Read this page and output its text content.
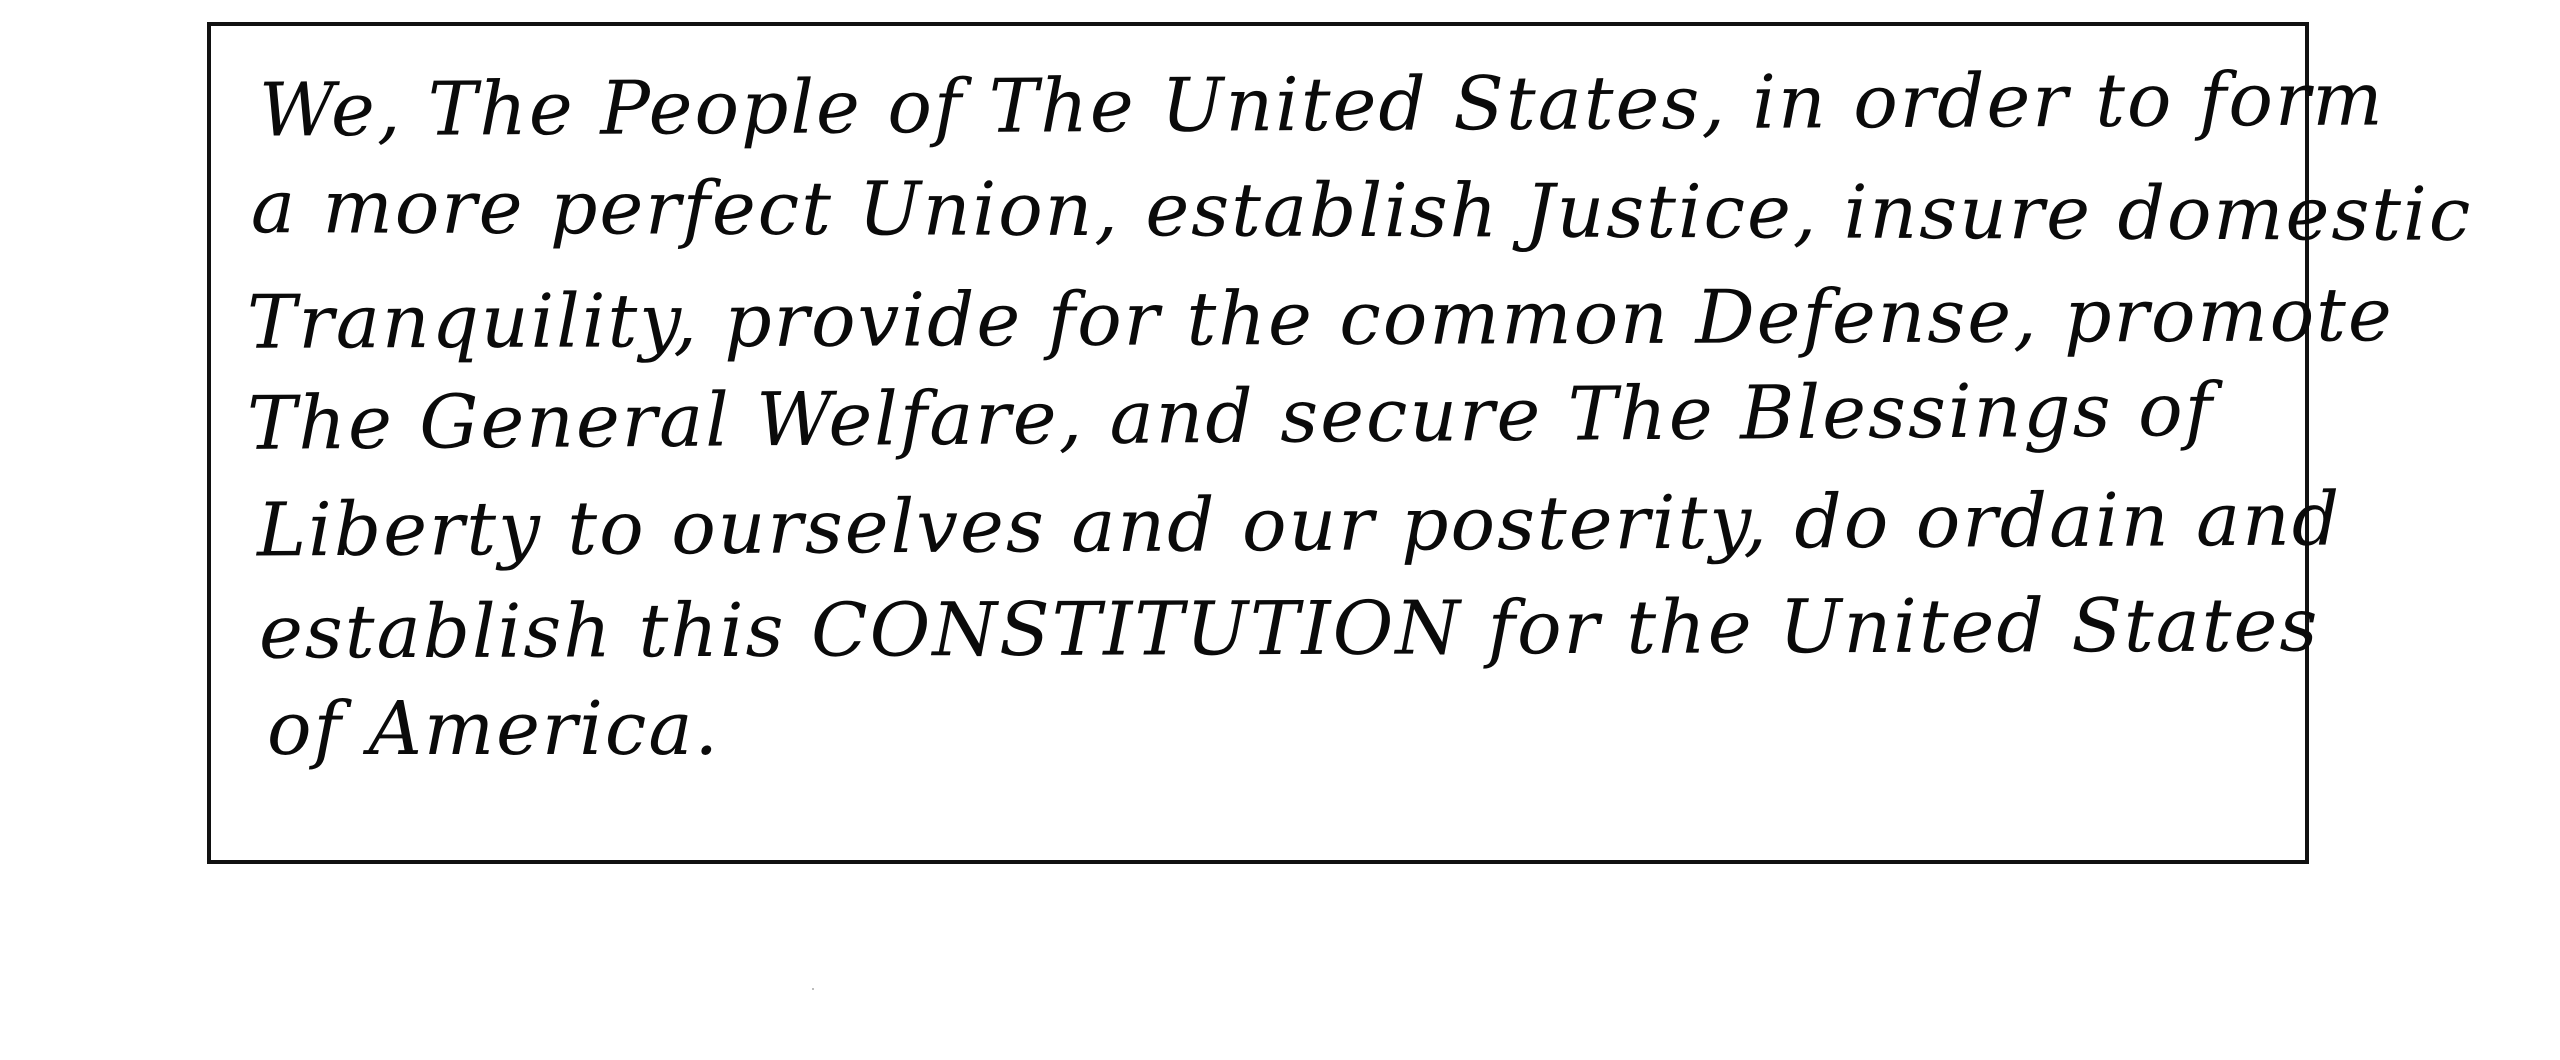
We, The People of The United States, in order to form
a more perfect Union, establish Justice, insure domestic
Tranquility, provide for the common Defense, promote
The General Welfare, and secure The Blessings of
Liberty to ourselves and our posterity, do ordain and
establish this CONSTITUTION for the United States
of America.
